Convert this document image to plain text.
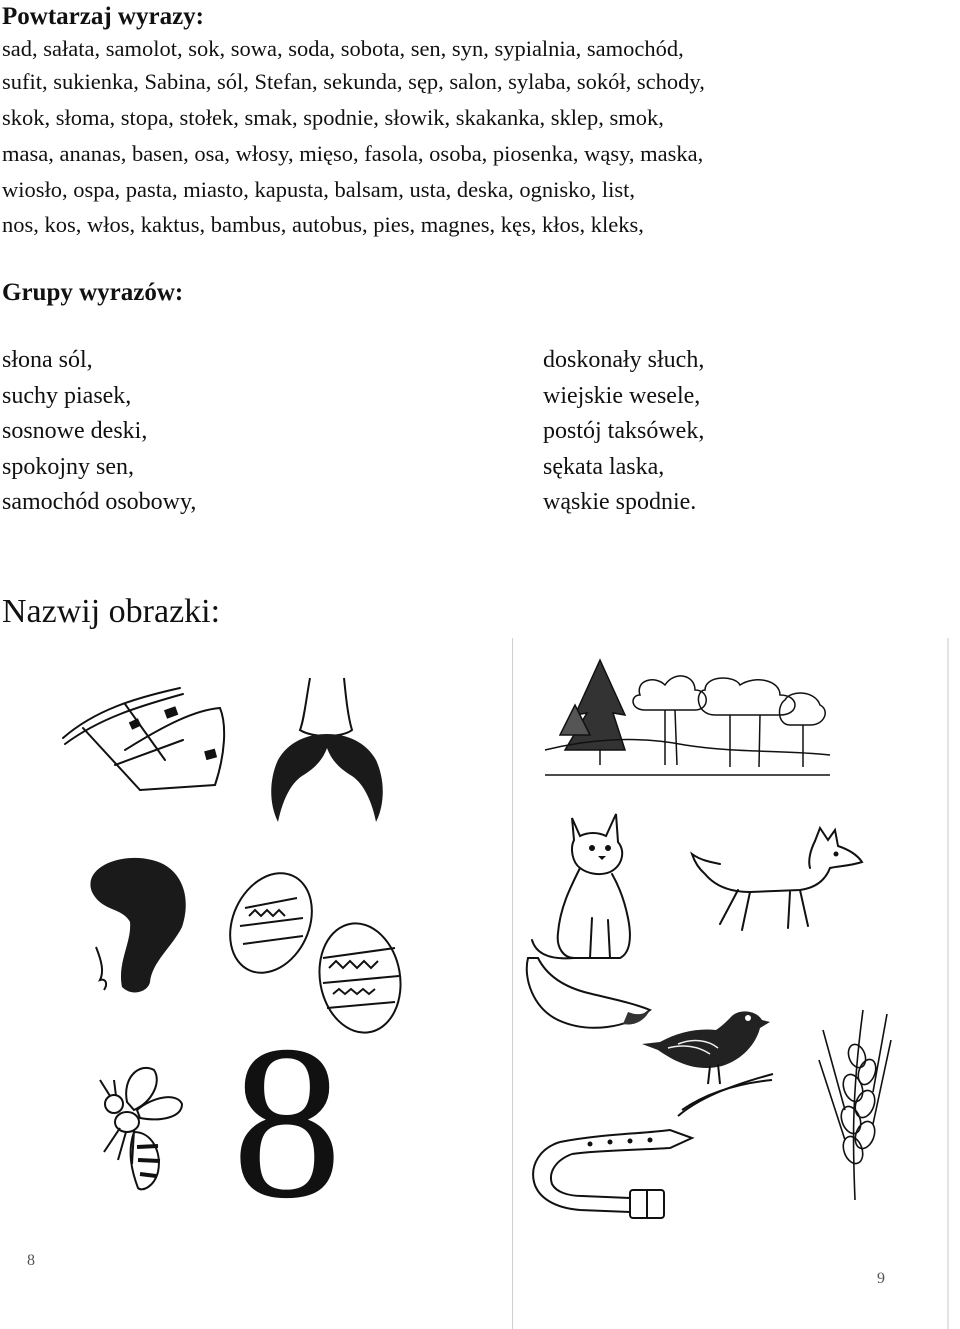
Powtarzaj wyrazy:

sad, sałata, samolot, sok, sowa, soda, sobota, sen, syn, sypialnia, samochód,

sufit, sukienka, Sabina, sól, Stefan, sekunda, sęp, salon, sylaba, sokół, schody,

skok, słoma, stopa, stołek, smak, spodnie, słowik, skakanka, sklep, smok,

masa, ananas, basen, osa, włosy, mięso, fasola, osoba, piosenka, wąsy, maska,

wiosło, ospa, pasta, miasto, kapusta, balsam, usta, deska, ognisko, list,

nos, kos, włos, kaktus, bambus, autobus, pies, magnes, kęs, kłos, kleks,

Grupy wyrazów:

słona sól,

suchy piasek,

sosnowe deski,

spokojny sen,

samochód osobowy,

doskonały słuch,

wiejskie wesele,

postój taksówek,

sękata laska,

wąskie spodnie.

Nazwij obrazki:
8

8

9
